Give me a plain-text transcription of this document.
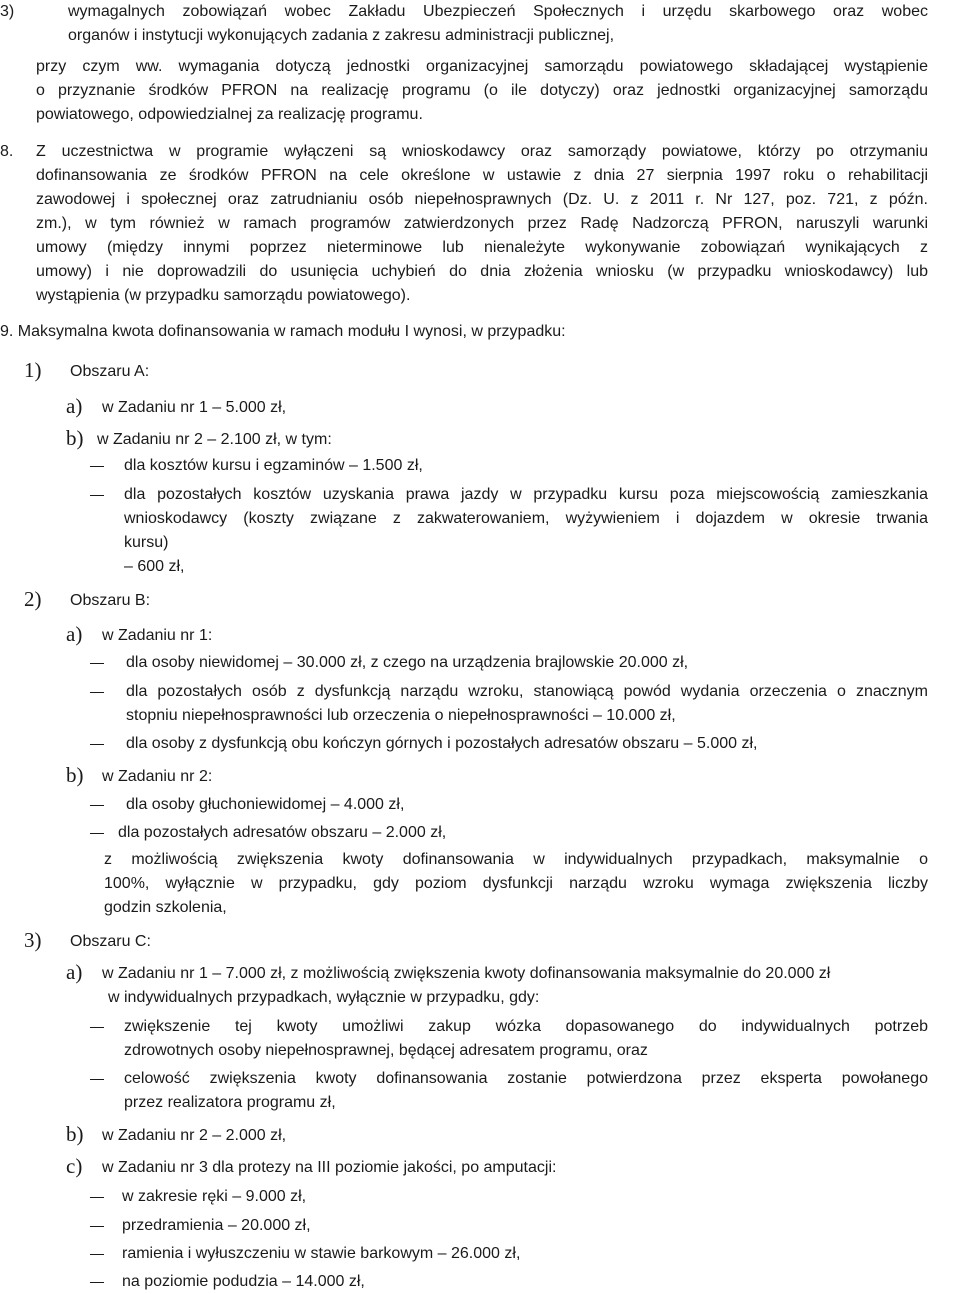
3)	wymagalnych zobowiązań wobec Zakładu Ubezpieczeń Społecznych i urzędu skarbowego oraz wobec
organów i instytucji wykonujących zadania z zakresu administracji publicznej,
przy czym ww. wymagania dotyczą jednostki organizacyjnej samorządu powiatowego składającej wystąpienie
o przyznanie środków PFRON na realizację programu (o ile dotyczy) oraz jednostki organizacyjnej samorządu
powiatowego, odpowiedzialnej za realizację programu.
8. Z uczestnictwa w programie wyłączeni są wnioskodawcy oraz samorządy powiatowe, którzy po otrzymaniu
dofinansowania ze środków PFRON na cele określone w ustawie z dnia 27 sierpnia 1997 roku o rehabilitacji
zawodowej i społecznej oraz zatrudnianiu osób niepełnosprawnych (Dz. U. z 2011 r. Nr 127, poz. 721, z późn.
zm.), w tym również w ramach programów zatwierdzonych przez Radę Nadzorczą PFRON, naruszyli warunki
umowy (między innymi poprzez nieterminowe lub nienależyte wykonywanie zobowiązań wynikających z
umowy) i nie doprowadzili do usunięcia uchybień do dnia złożenia wniosku (w przypadku wnioskodawcy) lub
wystąpienia (w przypadku samorządu powiatowego).
9. Maksymalna kwota dofinansowania w ramach modułu I wynosi, w przypadku:
1) Obszaru A:
a) w Zadaniu nr 1 – 5.000 zł,
b) w Zadaniu nr 2 – 2.100 zł, w tym:
dla kosztów kursu i egzaminów – 1.500 zł,
dla pozostałych kosztów uzyskania prawa jazdy w przypadku kursu poza miejscowością zamieszkania
wnioskodawcy (koszty związane z zakwaterowaniem, wyżywieniem i dojazdem w okresie trwania
kursu)
– 600 zł,
2) Obszaru B:
a) w Zadaniu nr 1:
dla osoby niewidomej – 30.000 zł, z czego na urządzenia brajlowskie 20.000 zł,
dla pozostałych osób z dysfunkcją narządu wzroku, stanowiącą powód wydania orzeczenia o znacznym
stopniu niepełnosprawności lub orzeczenia o niepełnosprawności – 10.000 zł,
dla osoby z dysfunkcją obu kończyn górnych i pozostałych adresatów obszaru – 5.000 zł,
b) w Zadaniu nr 2:
dla osoby głuchoniewidomej – 4.000 zł,
dla pozostałych adresatów obszaru – 2.000 zł,
z możliwością zwiększenia kwoty dofinansowania w indywidualnych przypadkach, maksymalnie o
100%, wyłącznie w przypadku, gdy poziom dysfunkcji narządu wzroku wymaga zwiększenia liczby
godzin szkolenia,
3) Obszaru C:
a) w Zadaniu nr 1 – 7.000 zł, z możliwością zwiększenia kwoty dofinansowania maksymalnie do 20.000 zł
w indywidualnych przypadkach, wyłącznie w przypadku, gdy:
zwiększenie tej kwoty umożliwi zakup wózka dopasowanego do indywidualnych potrzeb
zdrowotnych osoby niepełnosprawnej, będącej adresatem programu, oraz
celowość zwiększenia kwoty dofinansowania zostanie potwierdzona przez eksperta powołanego
przez realizatora programu zł,
b) w Zadaniu nr 2 – 2.000 zł,
c) w Zadaniu nr 3 dla protezy na III poziomie jakości, po amputacji:
w zakresie ręki – 9.000 zł,
przedramienia – 20.000 zł,
ramienia i wyłuszczeniu w stawie barkowym – 26.000 zł,
na poziomie podudzia – 14.000 zł,
